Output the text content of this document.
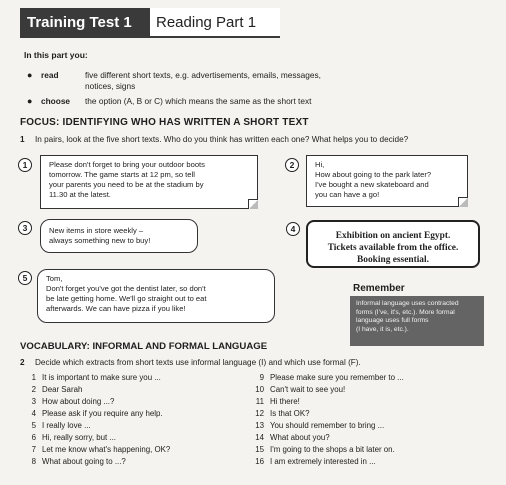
Training Test 1	Reading Part 1
In this part you:
● read	five different short texts, e.g. advertisements, emails, messages,
notices, signs
● choose the option (A, B or C) which means the same as the short text
FOCUS: IDENTIFYING WHO HAS WRITTEN A SHORT TEXT
1 In pairs, look at the five short texts. Who do you think has written each one? What helps you to decide?
1	Please don't forget to bring your outdoor boots
tomorrow. The game starts at 12 pm, so tell
your parents you need to be at the stadium by
11.30 at the latest.
2	Hi,
How about going to the park later?
I've bought a new skateboard and
you can have a go!
3	New items in store weekly –
always something new to buy!
4
Exhibition on ancient Egypt.
Tickets available from the office.
Booking essential.
5	Tom,
Don't forget you've got the dentist later, so don't
be late getting home. We'll go straight out to eat
afterwards. We can have pizza if you like!
Remember
Informal language uses contracted
forms (I've, it's, etc.). More formal
language uses full forms
(I have, it is, etc.).
VOCABULARY: INFORMAL AND FORMAL LANGUAGE
2 Decide which extracts from short texts use informal language (I) and which use formal (F).
1 It is important to make sure you ...
2 Dear Sarah
3 How about doing ...?
4 Please ask if you require any help.
5 I really love ...
6 Hi, really sorry, but ...
7 Let me know what's happening, OK?
8 What about going to ...?
9 Please make sure you remember to ...
10 Can't wait to see you!
11 Hi there!
12 Is that OK?
13 You should remember to bring ...
14 What about you?
15 I'm going to the shops a bit later on.
16 I am extremely interested in ...
